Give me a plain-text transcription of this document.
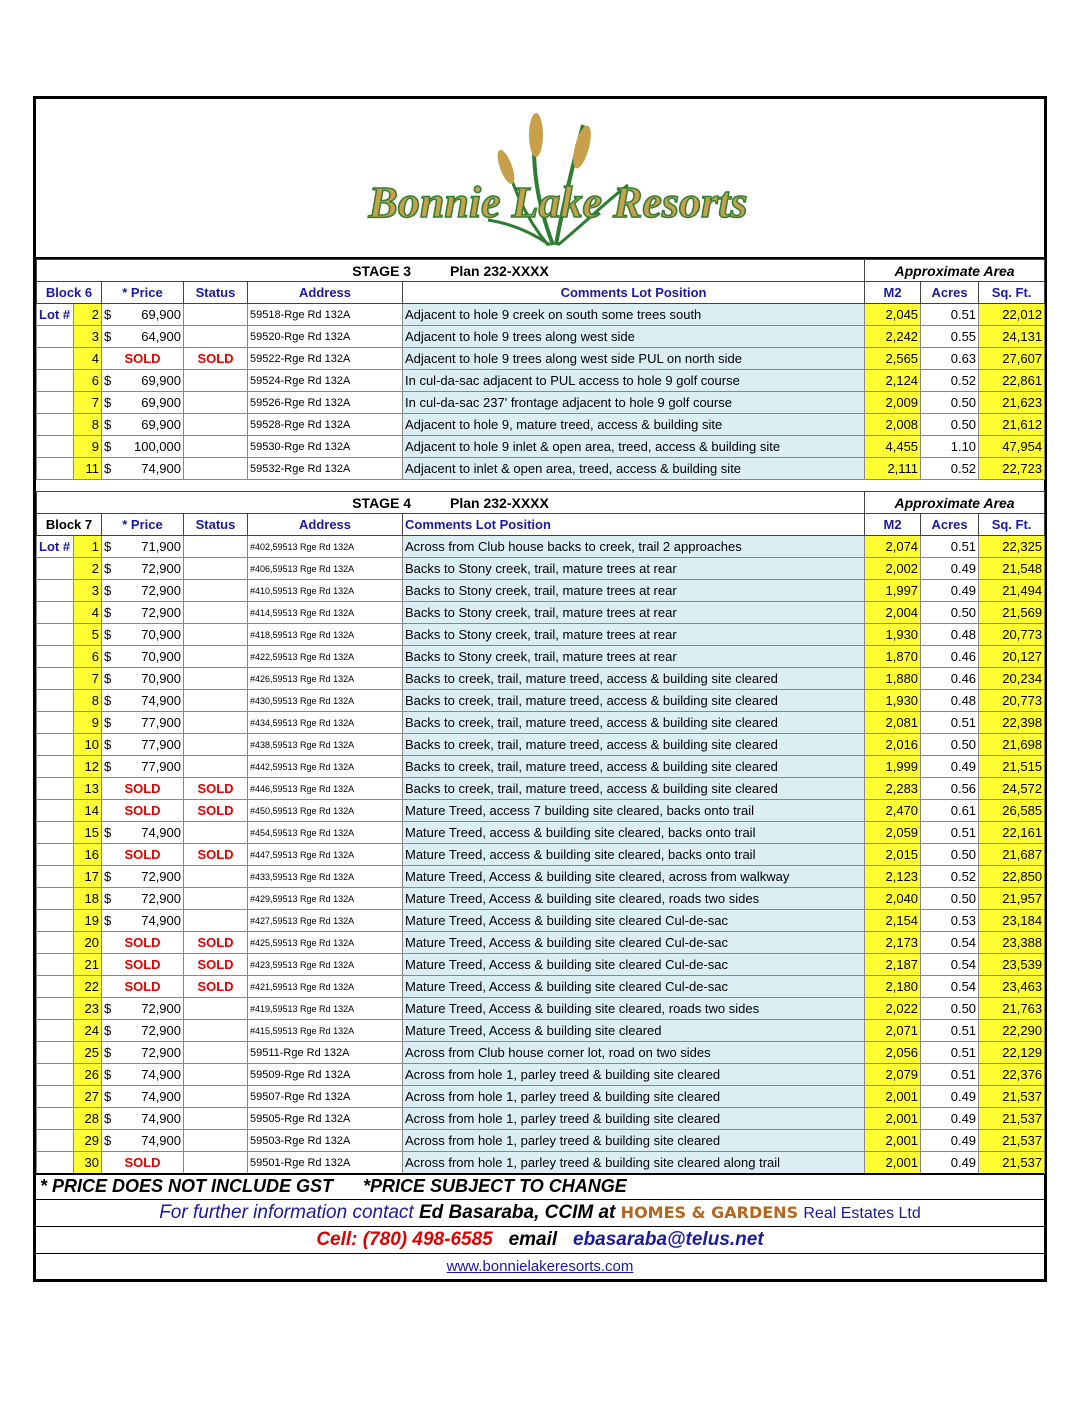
Bonnie Lake Resorts
STAGE 3 Plan 232-XXXX						Approximate Area		
Block 6		* Price	Status	Address	Comments Lot Position	M2	Acres	Sq. Ft.
Lot #	2	$ 69,900		59518-Rge Rd 132A	Adjacent to hole 9 creek on south some trees south	2,045	0.51	22,012
	3	$ 64,900		59520-Rge Rd 132A	Adjacent to hole 9 trees along west side	2,242	0.55	24,131
	4	SOLD	SOLD	59522-Rge Rd 132A	Adjacent to hole 9 trees along west side PUL on north side	2,565	0.63	27,607
	6	$ 69,900		59524-Rge Rd 132A	In cul-da-sac adjacent to PUL access to hole 9 golf course	2,124	0.52	22,861
	7	$ 69,900		59526-Rge Rd 132A	In cul-da-sac 237' frontage adjacent to hole 9 golf course	2,009	0.50	21,623
	8	$ 69,900		59528-Rge Rd 132A	Adjacent to hole 9, mature treed, access & building site	2,008	0.50	21,612
	9	$ 100,000		59530-Rge Rd 132A	Adjacent to hole 9 inlet & open area, treed, access & building site	4,455	1.10	47,954
	11	$ 74,900		59532-Rge Rd 132A	Adjacent to inlet & open area, treed, access & building site	2,111	0.52	22,723
STAGE 4 Plan 232-XXXX						Approximate Area		
Block 7		* Price	Status	Address	Comments Lot Position	M2	Acres	Sq. Ft.
Lot #	1	$ 71,900		#402,59513 Rge Rd 132A	Across from Club house backs to creek, trail 2 approaches	2,074	0.51	22,325
	2	$ 72,900		#406,59513 Rge Rd 132A	Backs to Stony creek, trail, mature trees at rear	2,002	0.49	21,548
	3	$ 72,900		#410,59513 Rge Rd 132A	Backs to Stony creek, trail, mature trees at rear	1,997	0.49	21,494
	4	$ 72,900		#414,59513 Rge Rd 132A	Backs to Stony creek, trail, mature trees at rear	2,004	0.50	21,569
	5	$ 70,900		#418,59513 Rge Rd 132A	Backs to Stony creek, trail, mature trees at rear	1,930	0.48	20,773
	6	$ 70,900		#422,59513 Rge Rd 132A	Backs to Stony creek, trail, mature trees at rear	1,870	0.46	20,127
	7	$ 70,900		#426,59513 Rge Rd 132A	Backs to creek, trail, mature treed, access & building site cleared	1,880	0.46	20,234
	8	$ 74,900		#430,59513 Rge Rd 132A	Backs to creek, trail, mature treed, access & building site cleared	1,930	0.48	20,773
	9	$ 77,900		#434,59513 Rge Rd 132A	Backs to creek, trail, mature treed, access & building site cleared	2,081	0.51	22,398
	10	$ 77,900		#438,59513 Rge Rd 132A	Backs to creek, trail, mature treed, access & building site cleared	2,016	0.50	21,698
	12	$ 77,900		#442,59513 Rge Rd 132A	Backs to creek, trail, mature treed, access & building site cleared	1,999	0.49	21,515
	13	SOLD	SOLD	#446,59513 Rge Rd 132A	Backs to creek, trail, mature treed, access & building site cleared	2,283	0.56	24,572
	14	SOLD	SOLD	#450,59513 Rge Rd 132A	Mature Treed, access 7 building site cleared, backs onto trail	2,470	0.61	26,585
	15	$ 74,900		#454,59513 Rge Rd 132A	Mature Treed, access & building site cleared, backs onto trail	2,059	0.51	22,161
	16	SOLD	SOLD	#447,59513 Rge Rd 132A	Mature Treed, access & building site cleared, backs onto trail	2,015	0.50	21,687
	17	$ 72,900		#433,59513 Rge Rd 132A	Mature Treed, Access & building site cleared, across from walkway	2,123	0.52	22,850
	18	$ 72,900		#429,59513 Rge Rd 132A	Mature Treed, Access & building site cleared, roads two sides	2,040	0.50	21,957
	19	$ 74,900		#427,59513 Rge Rd 132A	Mature Treed, Access & building site cleared Cul-de-sac	2,154	0.53	23,184
	20	SOLD	SOLD	#425,59513 Rge Rd 132A	Mature Treed, Access & building site cleared Cul-de-sac	2,173	0.54	23,388
	21	SOLD	SOLD	#423,59513 Rge Rd 132A	Mature Treed, Access & building site cleared Cul-de-sac	2,187	0.54	23,539
	22	SOLD	SOLD	#421,59513 Rge Rd 132A	Mature Treed, Access & building site cleared Cul-de-sac	2,180	0.54	23,463
	23	$ 72,900		#419,59513 Rge Rd 132A	Mature Treed, Access & building site cleared, roads two sides	2,022	0.50	21,763
	24	$ 72,900		#415,59513 Rge Rd 132A	Mature Treed, Access & building site cleared	2,071	0.51	22,290
	25	$ 72,900		59511-Rge Rd 132A	Across from Club house corner lot, road on two sides	2,056	0.51	22,129
	26	$ 74,900		59509-Rge Rd 132A	Across from hole 1, parley treed & building site cleared	2,079	0.51	22,376
	27	$ 74,900		59507-Rge Rd 132A	Across from hole 1, parley treed & building site cleared	2,001	0.49	21,537
	28	$ 74,900		59505-Rge Rd 132A	Across from hole 1, parley treed & building site cleared	2,001	0.49	21,537
	29	$ 74,900		59503-Rge Rd 132A	Across from hole 1, parley treed & building site cleared	2,001	0.49	21,537
	30	SOLD		59501-Rge Rd 132A	Across from hole 1, parley treed & building site cleared along trail	2,001	0.49	21,537
* PRICE DOES NOT INCLUDE GST      *PRICE SUBJECT TO CHANGE
For further information contact Ed Basaraba, CCIM at HOMES & GARDENS Real Estates Ltd
Cell: (780) 498-6585 email ebasaraba@telus.net
www.bonnielakeresorts.com
